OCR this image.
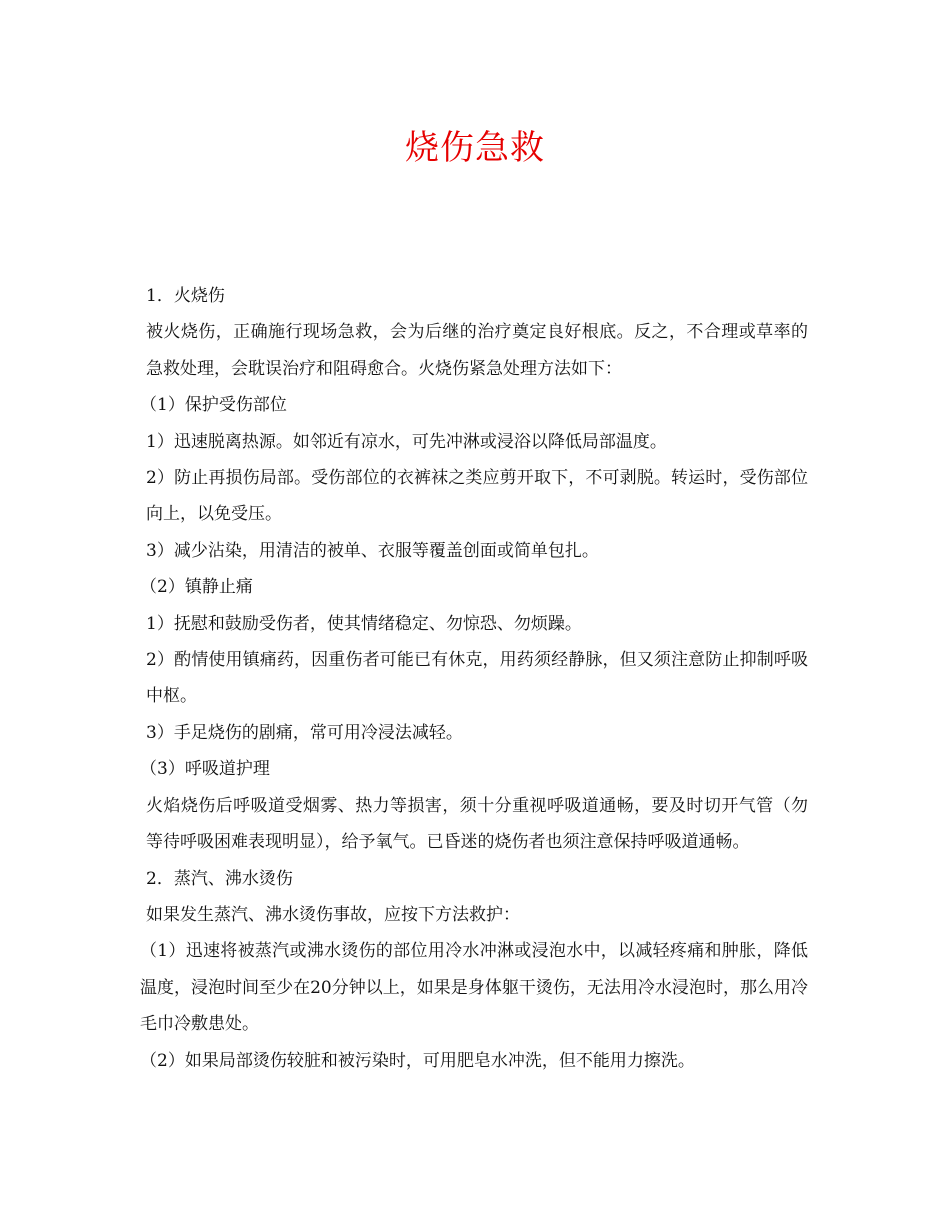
烧伤急救

1．火烧伤

被火烧伤，正确施行现场急救，会为后继的治疗奠定良好根底。反之，不合理或草率的急救处理，会耽误治疗和阻碍愈合。火烧伤紧急处理方法如下：

（1）保护受伤部位

1）迅速脱离热源。如邻近有凉水，可先冲淋或浸浴以降低局部温度。

2）防止再损伤局部。受伤部位的衣裤袜之类应剪开取下，不可剥脱。转运时，受伤部位向上，以免受压。

3）减少沾染，用清洁的被单、衣服等覆盖创面或简单包扎。

（2）镇静止痛

1）抚慰和鼓励受伤者，使其情绪稳定、勿惊恐、勿烦躁。

2）酌情使用镇痛药，因重伤者可能已有休克，用药须经静脉，但又须注意防止抑制呼吸中枢。

3）手足烧伤的剧痛，常可用冷浸法减轻。

（3）呼吸道护理

火焰烧伤后呼吸道受烟雾、热力等损害，须十分重视呼吸道通畅，要及时切开气管（勿等待呼吸困难表现明显），给予氧气。已昏迷的烧伤者也须注意保持呼吸道通畅。

2．蒸汽、沸水烫伤

如果发生蒸汽、沸水烫伤事故，应按下方法救护：

（1）迅速将被蒸汽或沸水烫伤的部位用冷水冲淋或浸泡水中，以减轻疼痛和肿胀，降低温度，浸泡时间至少在20分钟以上，如果是身体躯干烫伤，无法用冷水浸泡时，那么用冷毛巾冷敷患处。

（2）如果局部烫伤较脏和被污染时，可用肥皂水冲洗，但不能用力擦洗。
